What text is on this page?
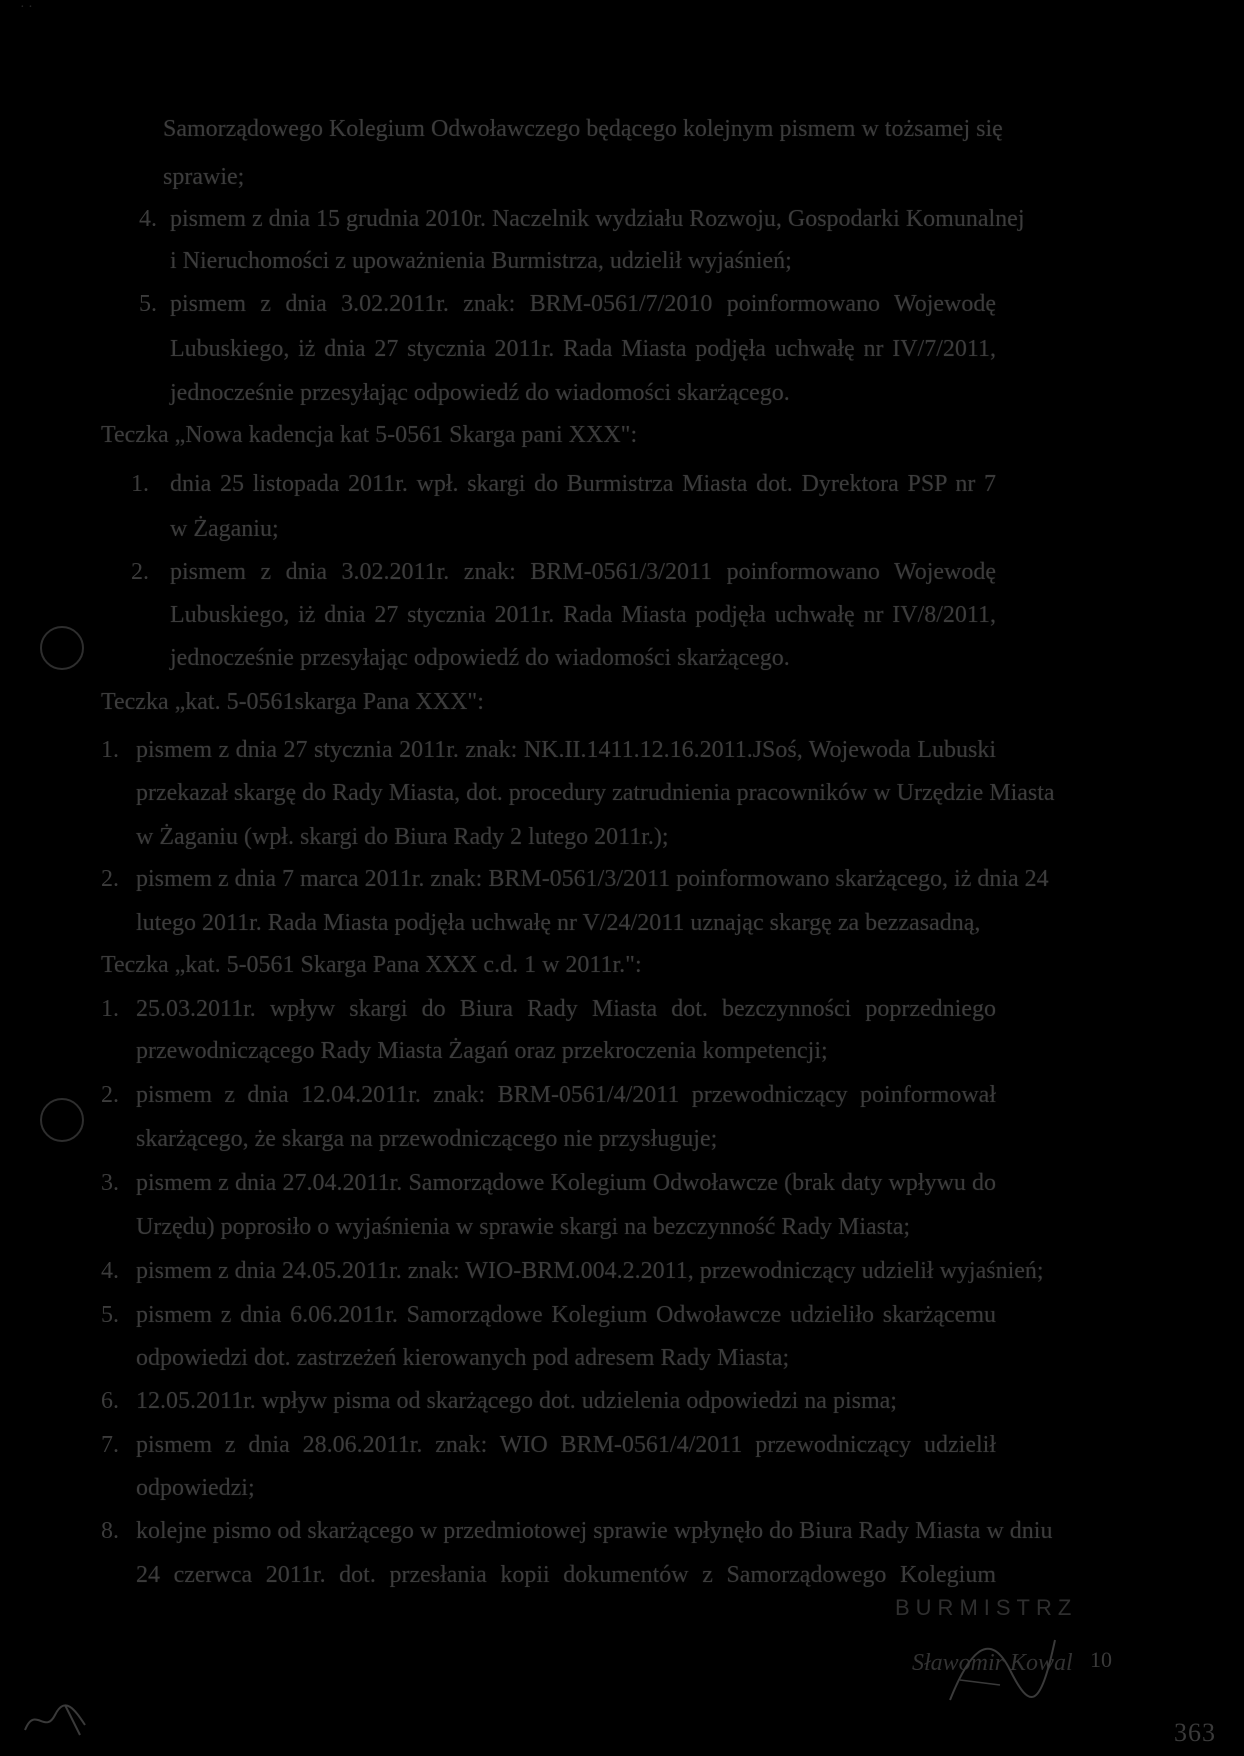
· ·
Samorządowego Kolegium Odwoławczego będącego kolejnym pismem w tożsamej się
sprawie;
4. pismem z dnia 15 grudnia 2010r. Naczelnik wydziału Rozwoju, Gospodarki Komunalnej
i Nieruchomości z upoważnienia Burmistrza, udzielił wyjaśnień;
5. pismem z dnia 3.02.2011r. znak: BRM-0561/7/2010 poinformowano Wojewodę
Lubuskiego, iż dnia 27 stycznia 2011r. Rada Miasta podjęła uchwałę nr IV/7/2011,
jednocześnie przesyłając odpowiedź do wiadomości skarżącego.
Teczka „Nowa kadencja kat 5-0561 Skarga pani XXX":
1. dnia 25 listopada 2011r. wpł. skargi do Burmistrza Miasta dot. Dyrektora PSP nr 7
w Żaganiu;
2. pismem z dnia 3.02.2011r. znak: BRM-0561/3/2011 poinformowano Wojewodę
Lubuskiego, iż dnia 27 stycznia 2011r. Rada Miasta podjęła uchwałę nr IV/8/2011,
jednocześnie przesyłając odpowiedź do wiadomości skarżącego.
Teczka „kat. 5-0561skarga Pana XXX":
1. pismem z dnia 27 stycznia 2011r. znak: NK.II.1411.12.16.2011.JSoś, Wojewoda Lubuski
przekazał skargę do Rady Miasta, dot. procedury zatrudnienia pracowników w Urzędzie Miasta
w Żaganiu (wpł. skargi do Biura Rady 2 lutego 2011r.);
2. pismem z dnia 7 marca 2011r. znak: BRM-0561/3/2011 poinformowano skarżącego, iż dnia 24
lutego 2011r. Rada Miasta podjęła uchwałę nr V/24/2011 uznając skargę za bezzasadną,
Teczka „kat. 5-0561 Skarga Pana XXX c.d. 1 w 2011r.":
1. 25.03.2011r. wpływ skargi do Biura Rady Miasta dot. bezczynności poprzedniego
przewodniczącego Rady Miasta Żagań oraz przekroczenia kompetencji;
2. pismem z dnia 12.04.2011r. znak: BRM-0561/4/2011 przewodniczący poinformował
skarżącego, że skarga na przewodniczącego nie przysługuje;
3. pismem z dnia 27.04.2011r. Samorządowe Kolegium Odwoławcze (brak daty wpływu do
Urzędu) poprosiło o wyjaśnienia w sprawie skargi na bezczynność Rady Miasta;
4. pismem z dnia 24.05.2011r. znak: WIO-BRM.004.2.2011, przewodniczący udzielił wyjaśnień;
5. pismem z dnia 6.06.2011r. Samorządowe Kolegium Odwoławcze udzieliło skarżącemu
odpowiedzi dot. zastrzeżeń kierowanych pod adresem Rady Miasta;
6. 12.05.2011r. wpływ pisma od skarżącego dot. udzielenia odpowiedzi na pisma;
7. pismem z dnia 28.06.2011r. znak: WIO BRM-0561/4/2011 przewodniczący udzielił
odpowiedzi;
8. kolejne pismo od skarżącego w przedmiotowej sprawie wpłynęło do Biura Rady Miasta w dniu
24 czerwca 2011r. dot. przesłania kopii dokumentów z Samorządowego Kolegium
BURMISTRZ
Sławomir Kowal 10
363
